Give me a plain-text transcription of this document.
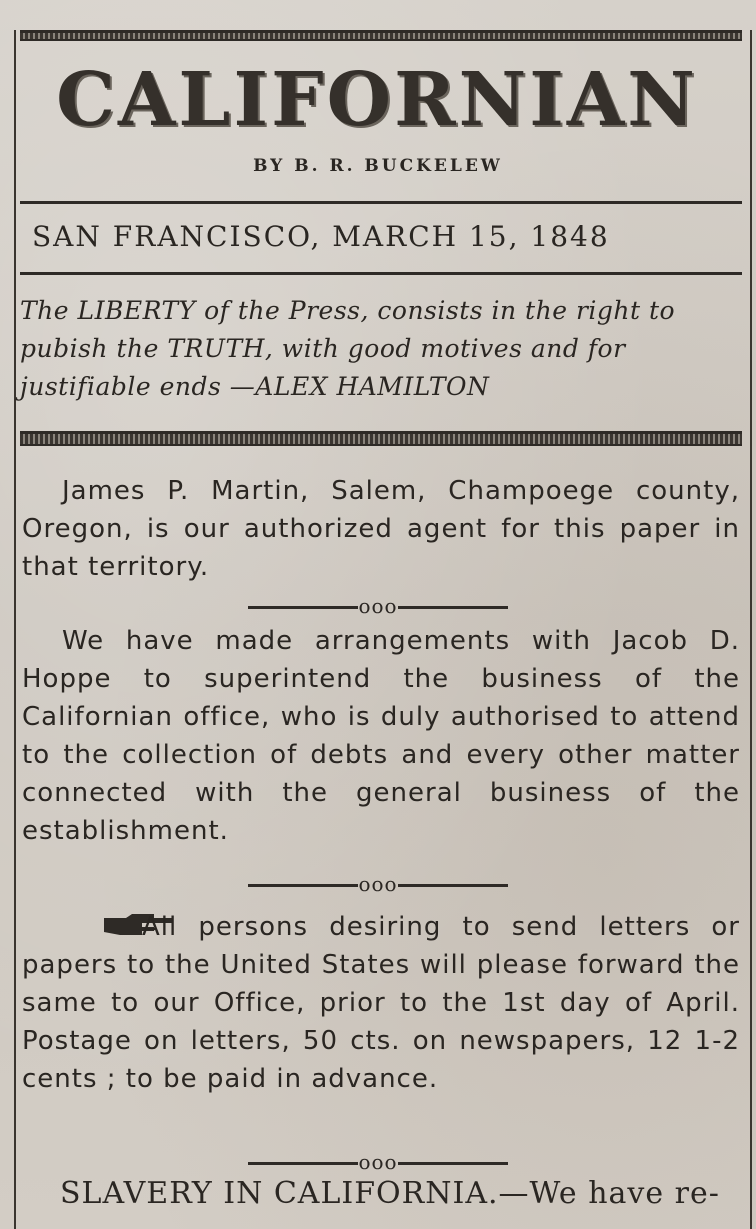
CALIFORNIAN
BY B. R. BUCKELEW
SAN FRANCISCO, MARCH 15, 1848
The LIBERTY of the Press, consists in the right to pubish the TRUTH, with good motives and for justifiable ends —ALEX HAMILTON
James P. Martin, Salem, Champoege county, Oregon, is our authorized agent for this paper in that territory.
ooo
We have made arrangements with Jacob D. Hoppe to superintend the business of the Californian office, who is duly authorised to attend to the collection of debts and every other matter connected with the general business of the establishment.
ooo
All persons desiring to send letters or papers to the United States will please forward the same to our Office, prior to the 1st day of April. Postage on letters, 50 cts. on newspapers, 12 1-2 cents ; to be paid in advance.
ooo
SLAVERY IN CALIFORNIA.—We have re-
